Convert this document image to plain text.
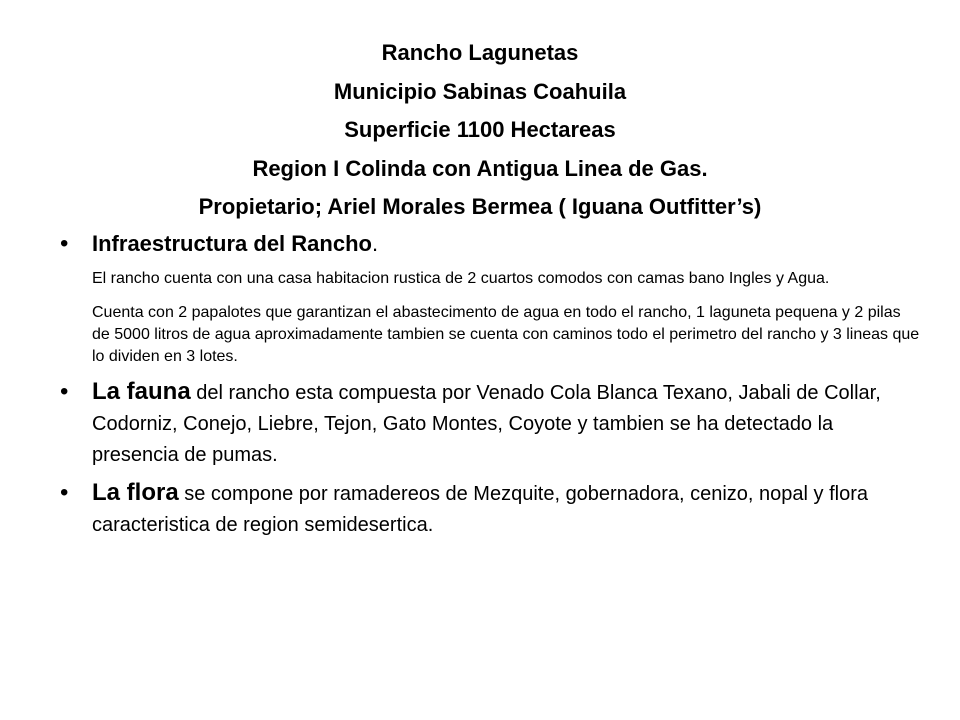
Rancho Lagunetas
Municipio Sabinas Coahuila
Superficie 1100 Hectareas
Region I Colinda con Antigua Linea de Gas.
Propietario; Ariel Morales Bermea ( Iguana Outfitter’s)
• Infraestructura del Rancho.
El rancho cuenta con una casa habitacion rustica de 2 cuartos comodos con camas bano Ingles y Agua.
Cuenta con 2 papalotes que garantizan el abastecimento de agua en todo el rancho, 1 laguneta pequena y 2 pilas de 5000 litros de agua aproximadamente tambien se cuenta con caminos todo el perimetro del rancho y 3 lineas que lo dividen en 3 lotes.
• La fauna del rancho esta compuesta por Venado Cola Blanca Texano, Jabali de Collar, Codorniz, Conejo, Liebre, Tejon, Gato Montes, Coyote y tambien se ha detectado la presencia de pumas.
• La flora se compone por ramadereos de Mezquite, gobernadora, cenizo, nopal y flora caracteristica de region semidesertica.
